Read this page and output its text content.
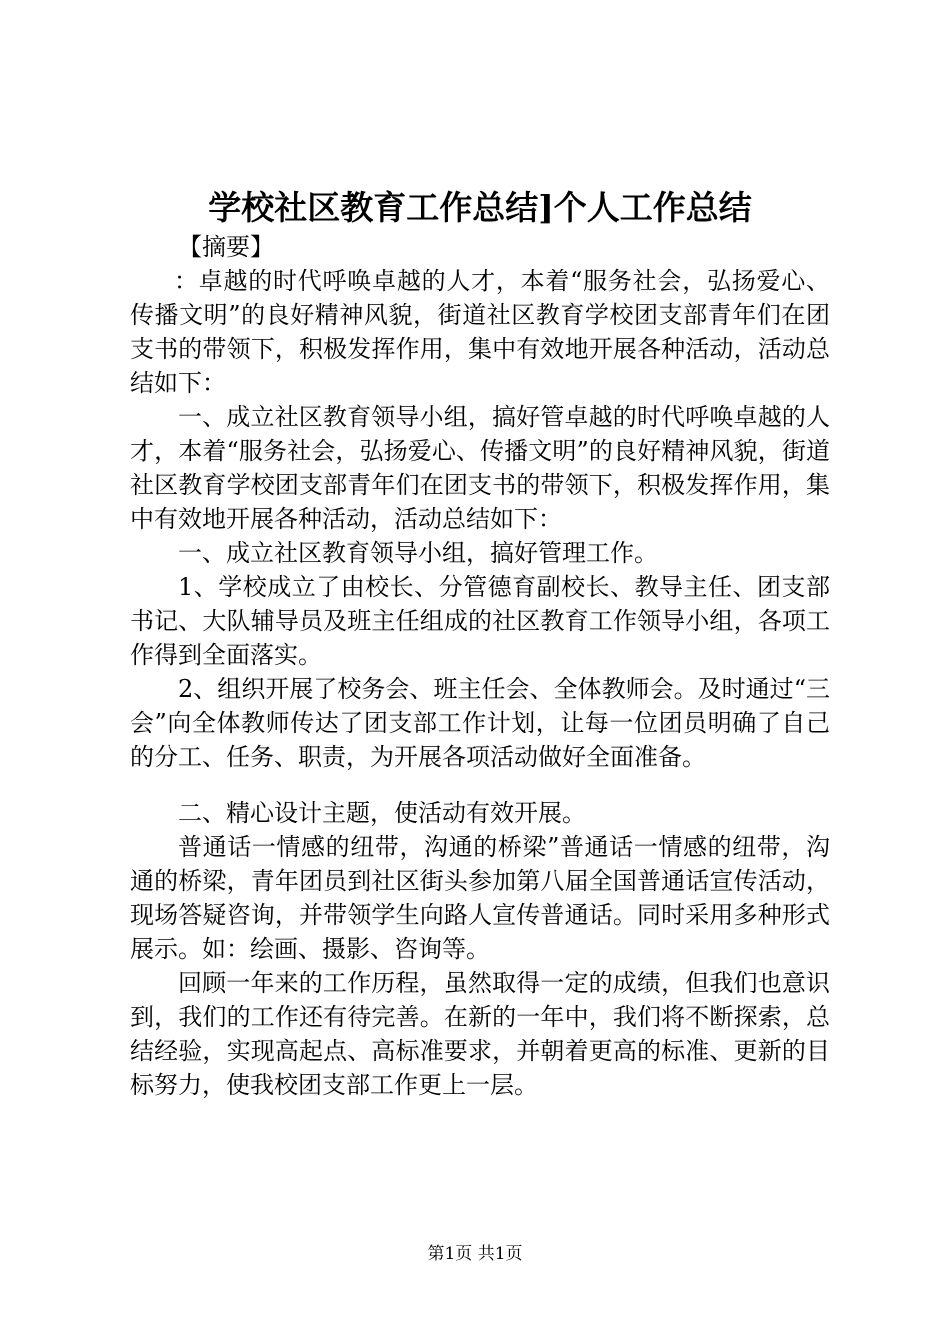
学校社区教育工作总结]个人工作总结

【摘要】

：卓越的时代呼唤卓越的人才，本着“服务社会，弘扬爱心、传播文明”的良好精神风貌，街道社区教育学校团支部青年们在团支书的带领下，积极发挥作用，集中有效地开展各种活动，活动总结如下：

一、成立社区教育领导小组，搞好管卓越的时代呼唤卓越的人才，本着“服务社会，弘扬爱心、传播文明”的良好精神风貌，街道社区教育学校团支部青年们在团支书的带领下，积极发挥作用，集中有效地开展各种活动，活动总结如下：

一、成立社区教育领导小组，搞好管理工作。

1、学校成立了由校长、分管德育副校长、教导主任、团支部书记、大队辅导员及班主任组成的社区教育工作领导小组，各项工作得到全面落实。

2、组织开展了校务会、班主任会、全体教师会。及时通过“三会”向全体教师传达了团支部工作计划，让每一位团员明确了自己的分工、任务、职责，为开展各项活动做好全面准备。

二、精心设计主题，使活动有效开展。

普通话一情感的纽带，沟通的桥梁”普通话一情感的纽带，沟通的桥梁，青年团员到社区街头参加第八届全国普通话宣传活动，现场答疑咨询，并带领学生向路人宣传普通话。同时采用多种形式展示。如：绘画、摄影、咨询等。

回顾一年来的工作历程，虽然取得一定的成绩，但我们也意识到，我们的工作还有待完善。在新的一年中，我们将不断探索，总结经验，实现高起点、高标准要求，并朝着更高的标准、更新的目标努力，使我校团支部工作更上一层。

第1页 共1页
